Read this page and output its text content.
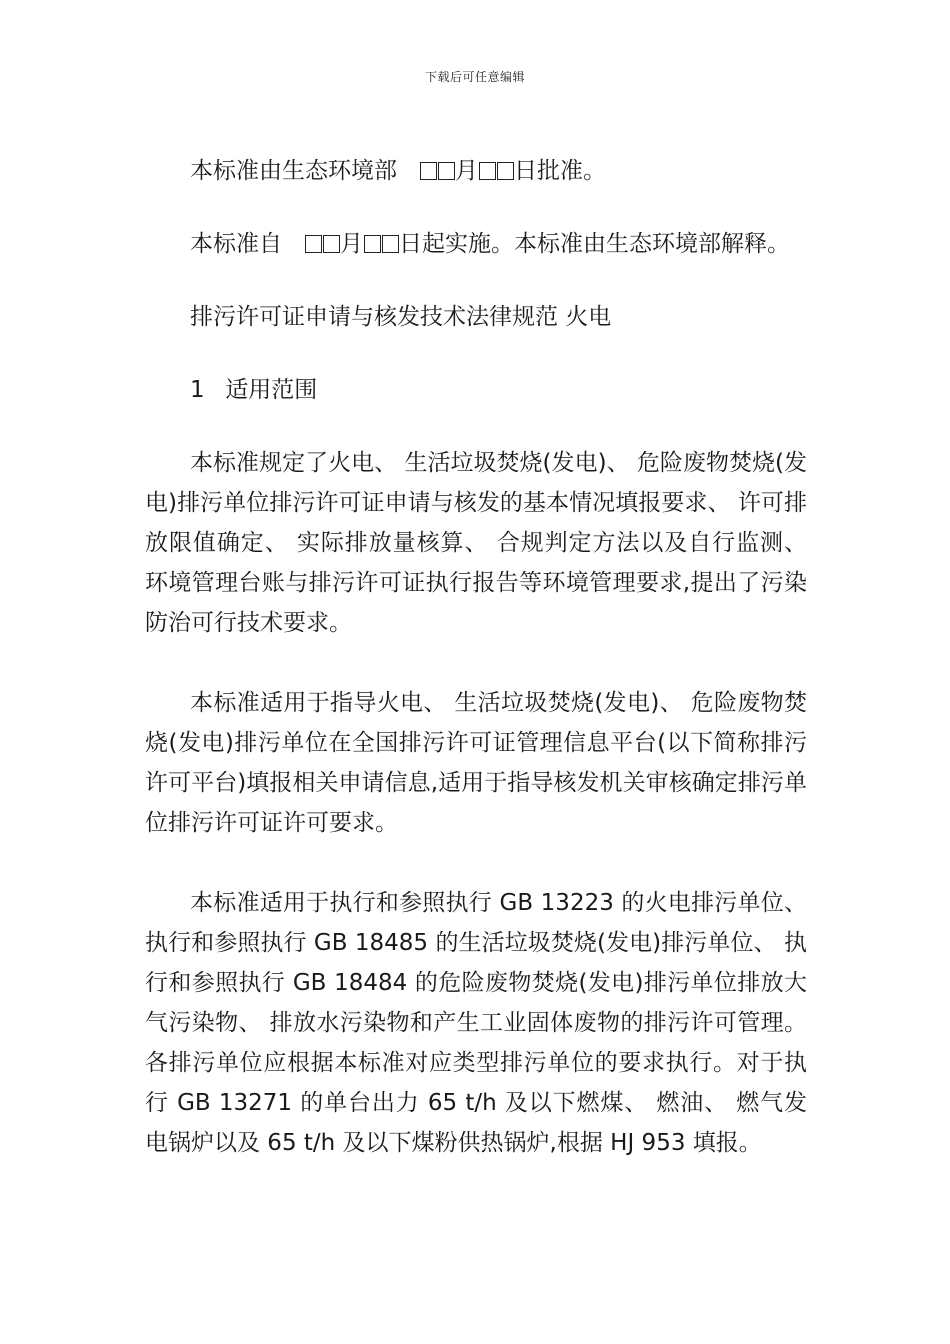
下载后可任意编辑
本标准由生态环境部	月 日批准。
本标准自	月 日起实施。本标准由生态环境部解释。
排污许可证申请与核发技术法律规范 火电
1 适用范围
本标准规定了火电、 生活垃圾焚烧(发电)、 危险废物焚烧(发电)排污单位排污许可证申请与核发的基本情况填报要求、 许可排放限值确定、 实际排放量核算、 合规判定方法以及自行监测、 环境管理台账与排污许可证执行报告等环境管理要求,提出了污染防治可行技术要求。
本标准适用于指导火电、 生活垃圾焚烧(发电)、 危险废物焚烧(发电)排污单位在全国排污许可证管理信息平台(以下简称排污许可平台)填报相关申请信息,适用于指导核发机关审核确定排污单位排污许可证许可要求。
本标准适用于执行和参照执行 GB 13223 的火电排污单位、执行和参照执行 GB 18485 的生活垃圾焚烧(发电)排污单位、 执行和参照执行 GB 18484 的危险废物焚烧(发电)排污单位排放大气污染物、 排放水污染物和产生工业固体废物的排污许可管理。各排污单位应根据本标准对应类型排污单位的要求执行。对于执行 GB 13271 的单台出力 65 t/h 及以下燃煤、 燃油、 燃气发电锅炉以及 65 t/h 及以下煤粉供热锅炉,根据 HJ 953 填报。
